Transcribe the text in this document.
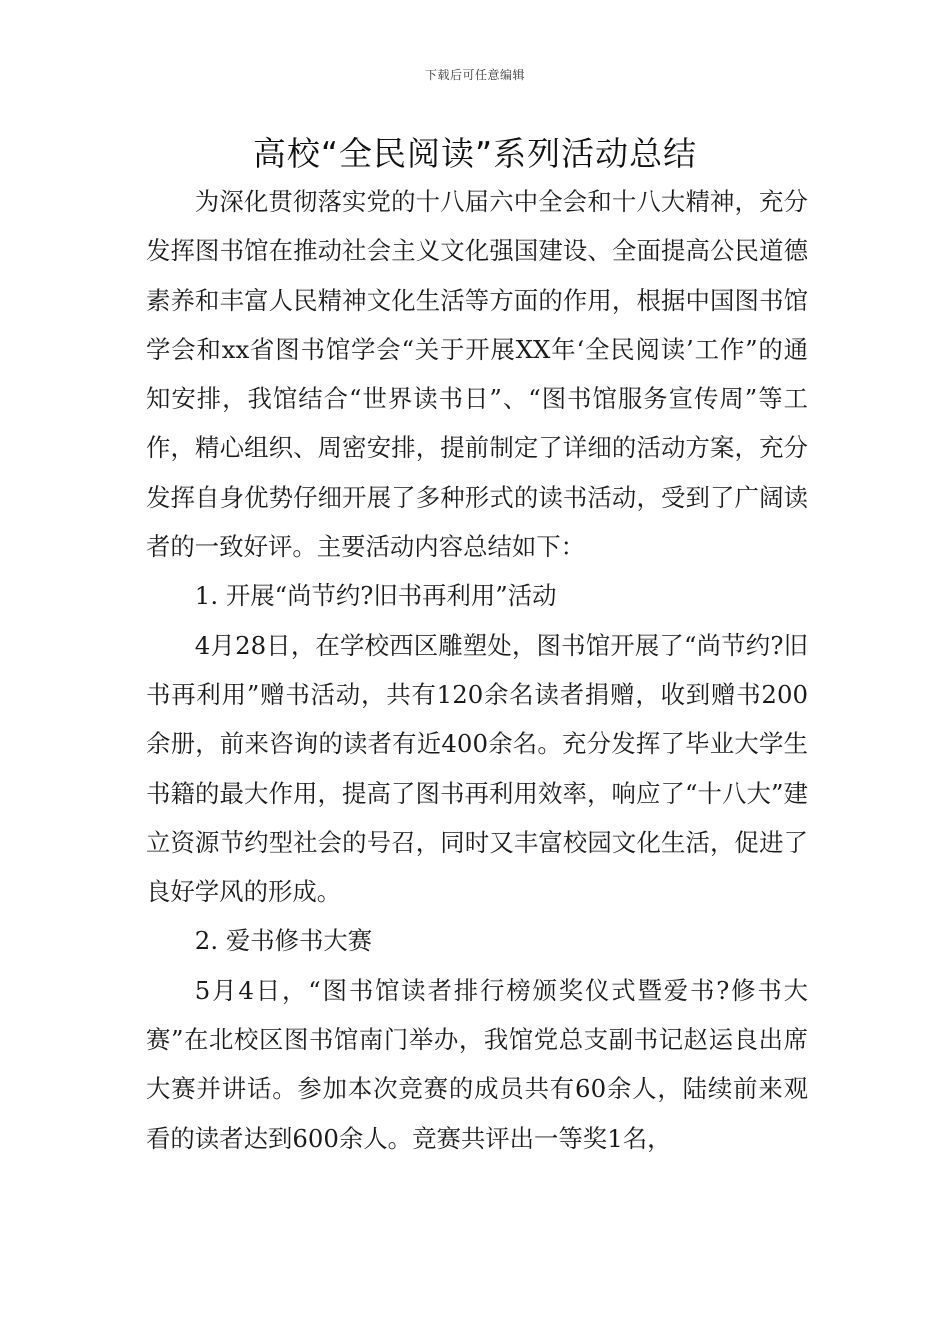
下载后可任意编辑
高校“全民阅读”系列活动总结

为深化贯彻落实党的十八届六中全会和十八大精神，充分发挥图书馆在推动社会主义文化强国建设、全面提高公民道德素养和丰富人民精神文化生活等方面的作用，根据中国图书馆学会和xx省图书馆学会“关于开展XX年‘全民阅读’工作”的通知安排，我馆结合“世界读书日”、“图书馆服务宣传周”等工作，精心组织、周密安排，提前制定了详细的活动方案，充分发挥自身优势仔细开展了多种形式的读书活动，受到了广阔读者的一致好评。主要活动内容总结如下：

1. 开展“尚节约?旧书再利用”活动

4月28日，在学校西区雕塑处，图书馆开展了“尚节约?旧书再利用”赠书活动，共有120余名读者捐赠，收到赠书200余册，前来咨询的读者有近400余名。充分发挥了毕业大学生书籍的最大作用，提高了图书再利用效率，响应了“十八大”建立资源节约型社会的号召，同时又丰富校园文化生活，促进了良好学风的形成。

2. 爱书修书大赛

5月4日，“图书馆读者排行榜颁奖仪式暨爱书?修书大赛”在北校区图书馆南门举办，我馆党总支副书记赵运良出席大赛并讲话。参加本次竞赛的成员共有60余人，陆续前来观看的读者达到600余人。竞赛共评出一等奖1名，
